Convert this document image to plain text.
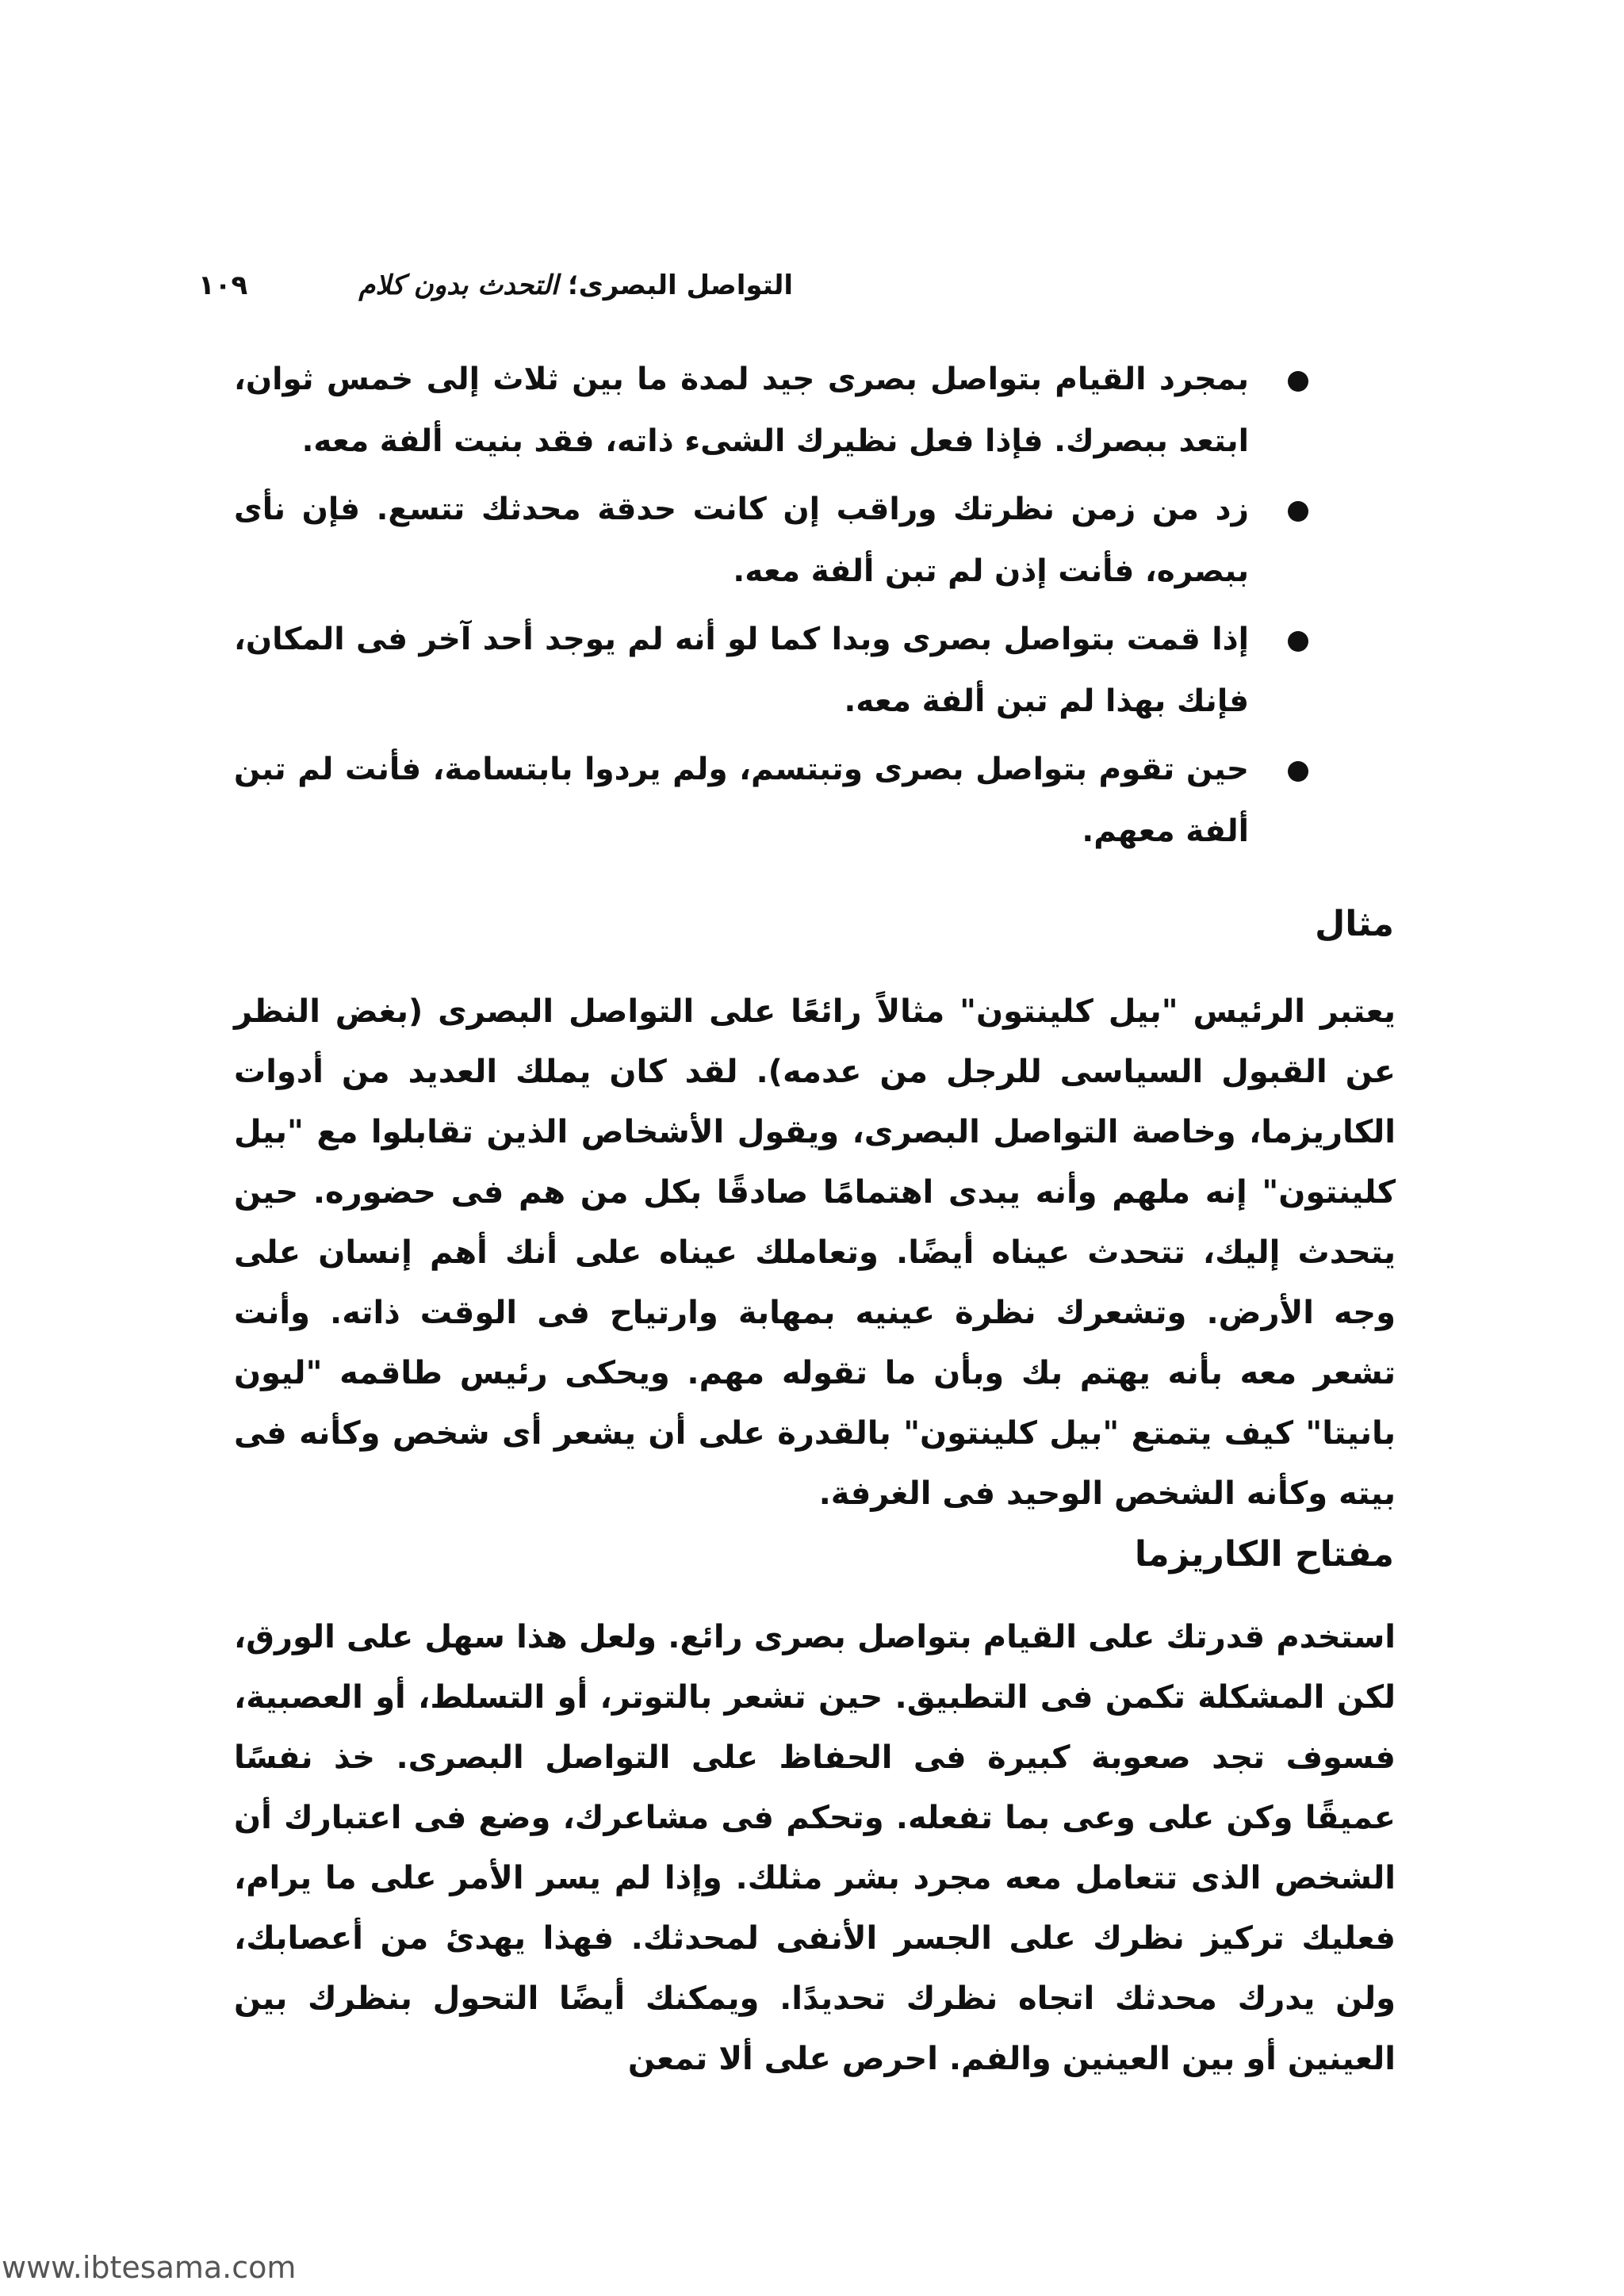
١٠٩	التواصل البصرى؛ التحدث بدون كلام
بمجرد القيام بتواصل بصرى جيد لمدة ما بين ثلاث إلى خمس ثوان، ابتعد ببصرك. فإذا فعل نظيرك الشىء ذاته، فقد بنيت ألفة معه.
زد من زمن نظرتك وراقب إن كانت حدقة محدثك تتسع. فإن نأى ببصره، فأنت إذن لم تبن ألفة معه.
إذا قمت بتواصل بصرى وبدا كما لو أنه لم يوجد أحد آخر فى المكان، فإنك بهذا لم تبن ألفة معه.
حين تقوم بتواصل بصرى وتبتسم، ولم يردوا بابتسامة، فأنت لم تبن ألفة معهم.
مثال

يعتبر الرئيس "بيل كلينتون" مثالاً رائعًا على التواصل البصرى (بغض النظر عن القبول السياسى للرجل من عدمه). لقد كان يملك العديد من أدوات الكاريزما، وخاصة التواصل البصرى، ويقول الأشخاص الذين تقابلوا مع "بيل كلينتون" إنه ملهم وأنه يبدى اهتمامًا صادقًا بكل من هم فى حضوره. حين يتحدث إليك، تتحدث عيناه أيضًا. وتعاملك عيناه على أنك أهم إنسان على وجه الأرض. وتشعرك نظرة عينيه بمهابة وارتياح فى الوقت ذاته. وأنت تشعر معه بأنه يهتم بك وبأن ما تقوله مهم. ويحكى رئيس طاقمه "ليون بانيتا" كيف يتمتع "بيل كلينتون" بالقدرة على أن يشعر أى شخص وكأنه فى بيته وكأنه الشخص الوحيد فى الغرفة.

مفتاح الكاريزما

استخدم قدرتك على القيام بتواصل بصرى رائع. ولعل هذا سهل على الورق، لكن المشكلة تكمن فى التطبيق. حين تشعر بالتوتر، أو التسلط، أو العصبية، فسوف تجد صعوبة كبيرة فى الحفاظ على التواصل البصرى. خذ نفسًا عميقًا وكن على وعى بما تفعله. وتحكم فى مشاعرك، وضع فى اعتبارك أن الشخص الذى تتعامل معه مجرد بشر مثلك. وإذا لم يسر الأمر على ما يرام، فعليك تركيز نظرك على الجسر الأنفى لمحدثك. فهذا يهدئ من أعصابك، ولن يدرك محدثك اتجاه نظرك تحديدًا. ويمكنك أيضًا التحول بنظرك بين العينين أو بين العينين والفم. احرص على ألا تمعن

www.ibtesama.com
